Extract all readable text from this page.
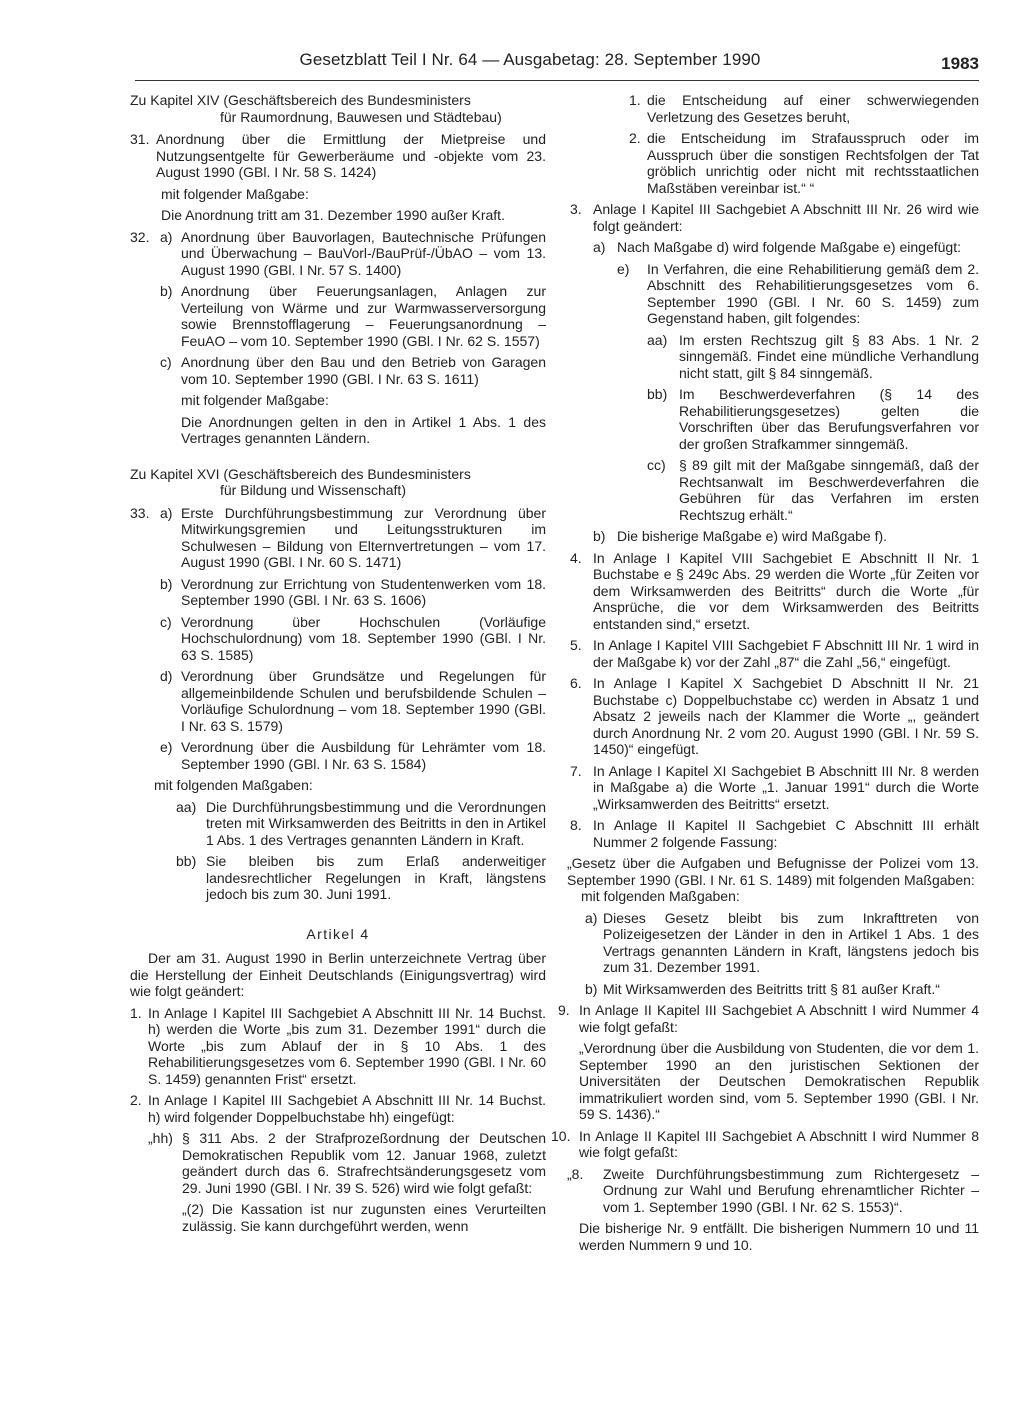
Gesetzblatt Teil I Nr. 64 — Ausgabetag: 28. September 1990	1983
Zu Kapitel XIV (Geschäftsbereich des Bundesministers
für Raumordnung, Bauwesen und Städtebau)
31. Anordnung über die Ermittlung der Mietpreise und Nutzungsentgelte für Gewerberäume und -objekte vom 23. August 1990 (GBl. I Nr. 58 S. 1424)
mit folgender Maßgabe:
Die Anordnung tritt am 31. Dezember 1990 außer Kraft.
32. a) Anordnung über Bauvorlagen, Bautechnische Prüfungen und Überwachung – BauVorl-/BauPrüf-/ÜbAO – vom 13. August 1990 (GBl. I Nr. 57 S. 1400)
b) Anordnung über Feuerungsanlagen, Anlagen zur Verteilung von Wärme und zur Warmwasserversorgung sowie Brennstofflagerung – Feuerungsanordnung – FeuAO – vom 10. September 1990 (GBl. I Nr. 62 S. 1557)
c) Anordnung über den Bau und den Betrieb von Garagen vom 10. September 1990 (GBl. I Nr. 63 S. 1611)
mit folgender Maßgabe:
Die Anordnungen gelten in den in Artikel 1 Abs. 1 des Vertrages genannten Ländern.
Zu Kapitel XVI (Geschäftsbereich des Bundesministers
für Bildung und Wissenschaft)
33. a) Erste Durchführungsbestimmung zur Verordnung über Mitwirkungsgremien und Leitungsstrukturen im Schulwesen – Bildung von Elternvertretungen – vom 17. August 1990 (GBl. I Nr. 60 S. 1471)
b) Verordnung zur Errichtung von Studentenwerken vom 18. September 1990 (GBl. I Nr. 63 S. 1606)
c) Verordnung über Hochschulen (Vorläufige Hochschulordnung) vom 18. September 1990 (GBl. I Nr. 63 S. 1585)
d) Verordnung über Grundsätze und Regelungen für allgemeinbildende Schulen und berufsbildende Schulen – Vorläufige Schulordnung – vom 18. September 1990 (GBl. I Nr. 63 S. 1579)
e) Verordnung über die Ausbildung für Lehrämter vom 18. September 1990 (GBl. I Nr. 63 S. 1584)
mit folgenden Maßgaben:
aa) Die Durchführungsbestimmung und die Verordnungen treten mit Wirksamwerden des Beitritts in den in Artikel 1 Abs. 1 des Vertrages genannten Ländern in Kraft.
bb) Sie bleiben bis zum Erlaß anderweitiger landesrechtlicher Regelungen in Kraft, längstens jedoch bis zum 30. Juni 1991.
Artikel 4
Der am 31. August 1990 in Berlin unterzeichnete Vertrag über die Herstellung der Einheit Deutschlands (Einigungsvertrag) wird wie folgt geändert:
1. In Anlage I Kapitel III Sachgebiet A Abschnitt III Nr. 14 Buchst. h) werden die Worte „bis zum 31. Dezember 1991“ durch die Worte „bis zum Ablauf der in § 10 Abs. 1 des Rehabilitierungsgesetzes vom 6. September 1990 (GBl. I Nr. 60 S. 1459) genannten Frist“ ersetzt.
2. In Anlage I Kapitel III Sachgebiet A Abschnitt III Nr. 14 Buchst. h) wird folgender Doppelbuchstabe hh) eingefügt:
„hh) § 311 Abs. 2 der Strafprozeßordnung der Deutschen Demokratischen Republik vom 12. Januar 1968, zuletzt geändert durch das 6. Strafrechtsänderungsgesetz vom 29. Juni 1990 (GBl. I Nr. 39 S. 526) wird wie folgt gefaßt:
„(2) Die Kassation ist nur zugunsten eines Verurteilten zulässig. Sie kann durchgeführt werden, wenn
1. die Entscheidung auf einer schwerwiegenden Verletzung des Gesetzes beruht,
2. die Entscheidung im Strafausspruch oder im Ausspruch über die sonstigen Rechtsfolgen der Tat gröblich unrichtig oder nicht mit rechtsstaatlichen Maßstäben vereinbar ist.“ “
3. Anlage I Kapitel III Sachgebiet A Abschnitt III Nr. 26 wird wie folgt geändert:
a) Nach Maßgabe d) wird folgende Maßgabe e) eingefügt:
e) In Verfahren, die eine Rehabilitierung gemäß dem 2. Abschnitt des Rehabilitierungsgesetzes vom 6. September 1990 (GBl. I Nr. 60 S. 1459) zum Gegenstand haben, gilt folgendes:
aa) Im ersten Rechtszug gilt § 83 Abs. 1 Nr. 2 sinngemäß. Findet eine mündliche Verhandlung nicht statt, gilt § 84 sinngemäß.
bb) Im Beschwerdeverfahren (§ 14 des Rehabilitierungsgesetzes) gelten die Vorschriften über das Berufungsverfahren vor der großen Strafkammer sinngemäß.
cc) § 89 gilt mit der Maßgabe sinngemäß, daß der Rechtsanwalt im Beschwerdeverfahren die Gebühren für das Verfahren im ersten Rechtszug erhält.“
b) Die bisherige Maßgabe e) wird Maßgabe f).
4. In Anlage I Kapitel VIII Sachgebiet E Abschnitt II Nr. 1 Buchstabe e § 249c Abs. 29 werden die Worte „für Zeiten vor dem Wirksamwerden des Beitritts“ durch die Worte „für Ansprüche, die vor dem Wirksamwerden des Beitritts entstanden sind,“ ersetzt.
5. In Anlage I Kapitel VIII Sachgebiet F Abschnitt III Nr. 1 wird in der Maßgabe k) vor der Zahl „87“ die Zahl „56,“ eingefügt.
6. In Anlage I Kapitel X Sachgebiet D Abschnitt II Nr. 21 Buchstabe c) Doppelbuchstabe cc) werden in Absatz 1 und Absatz 2 jeweils nach der Klammer die Worte „, geändert durch Anordnung Nr. 2 vom 20. August 1990 (GBl. I Nr. 59 S. 1450)“ eingefügt.
7. In Anlage I Kapitel XI Sachgebiet B Abschnitt III Nr. 8 werden in Maßgabe a) die Worte „1. Januar 1991“ durch die Worte „Wirksamwerden des Beitritts“ ersetzt.
8. In Anlage II Kapitel II Sachgebiet C Abschnitt III erhält Nummer 2 folgende Fassung:
„Gesetz über die Aufgaben und Befugnisse der Polizei vom 13. September 1990 (GBl. I Nr. 61 S. 1489) mit folgenden Maßgaben:
mit folgenden Maßgaben:
a) Dieses Gesetz bleibt bis zum Inkrafttreten von Polizeigesetzen der Länder in den in Artikel 1 Abs. 1 des Vertrags genannten Ländern in Kraft, längstens jedoch bis zum 31. Dezember 1991.
b) Mit Wirksamwerden des Beitritts tritt § 81 außer Kraft.“
9. In Anlage II Kapitel III Sachgebiet A Abschnitt I wird Nummer 4 wie folgt gefaßt:
„Verordnung über die Ausbildung von Studenten, die vor dem 1. September 1990 an den juristischen Sektionen der Universitäten der Deutschen Demokratischen Republik immatrikuliert worden sind, vom 5. September 1990 (GBl. I Nr. 59 S. 1436).“
10. In Anlage II Kapitel III Sachgebiet A Abschnitt I wird Nummer 8 wie folgt gefaßt:
„8. Zweite Durchführungsbestimmung zum Richtergesetz – Ordnung zur Wahl und Berufung ehrenamtlicher Richter – vom 1. September 1990 (GBl. I Nr. 62 S. 1553)“.
Die bisherige Nr. 9 entfällt. Die bisherigen Nummern 10 und 11 werden Nummern 9 und 10.
